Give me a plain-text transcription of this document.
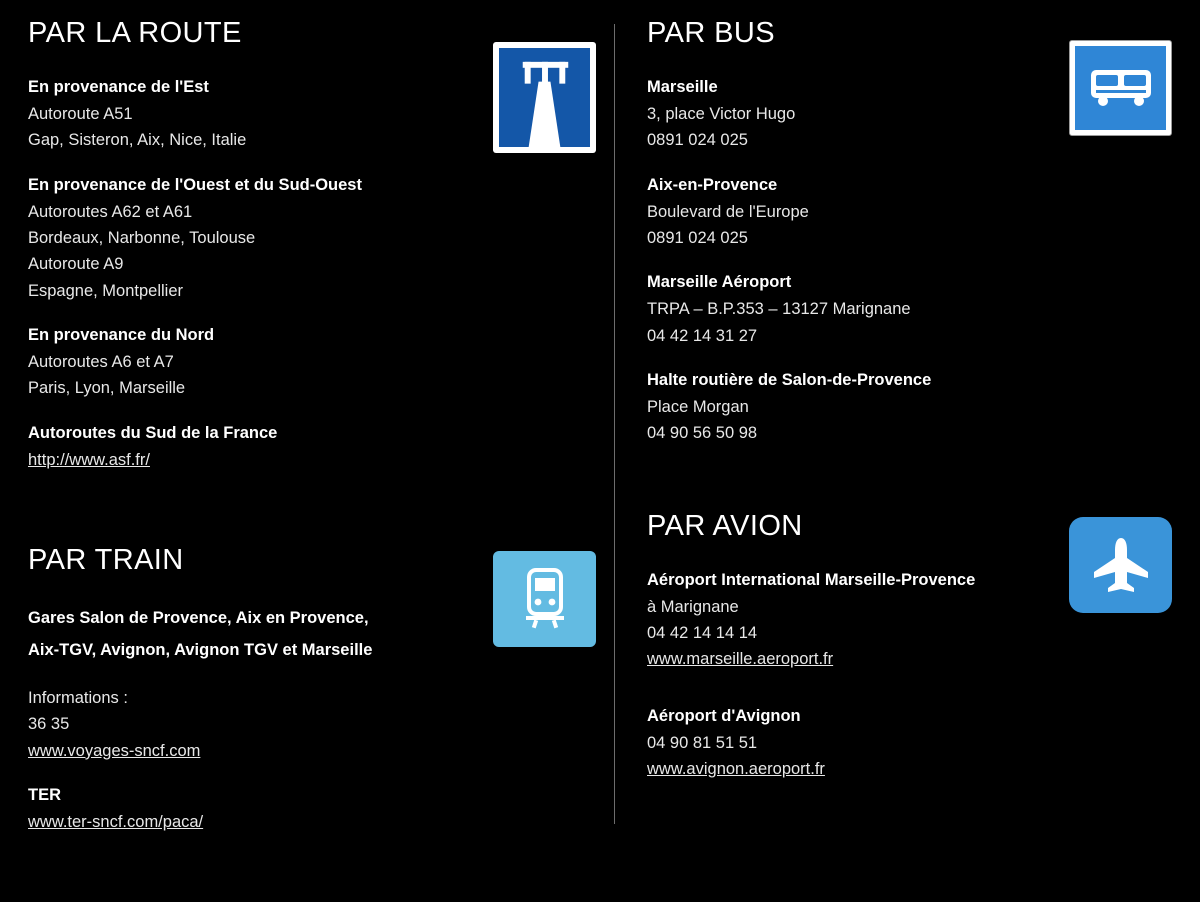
PAR LA ROUTE
En provenance de l'Est
Autoroute A51
Gap, Sisteron, Aix, Nice, Italie
En provenance de l'Ouest et du Sud-Ouest
Autoroutes A62 et A61
Bordeaux, Narbonne, Toulouse
Autoroute A9
Espagne, Montpellier
En provenance du Nord
Autoroutes A6 et A7
Paris, Lyon, Marseille
Autoroutes du Sud de la France
http://www.asf.fr/
PAR TRAIN
Gares Salon de Provence, Aix en Provence,
Aix-TGV, Avignon, Avignon TGV et Marseille
Informations :
36 35
www.voyages-sncf.com
TER
www.ter-sncf.com/paca/
PAR BUS
Marseille
3, place Victor Hugo
0891 024 025
Aix-en-Provence
Boulevard de l'Europe
0891 024 025
Marseille Aéroport
TRPA – B.P.353 – 13127 Marignane
04 42 14 31 27
Halte routière de Salon-de-Provence
Place Morgan
04 90 56 50 98
PAR AVION
Aéroport International Marseille-Provence
à Marignane
04 42 14 14 14
www.marseille.aeroport.fr
Aéroport d'Avignon
04 90 81 51 51
www.avignon.aeroport.fr
